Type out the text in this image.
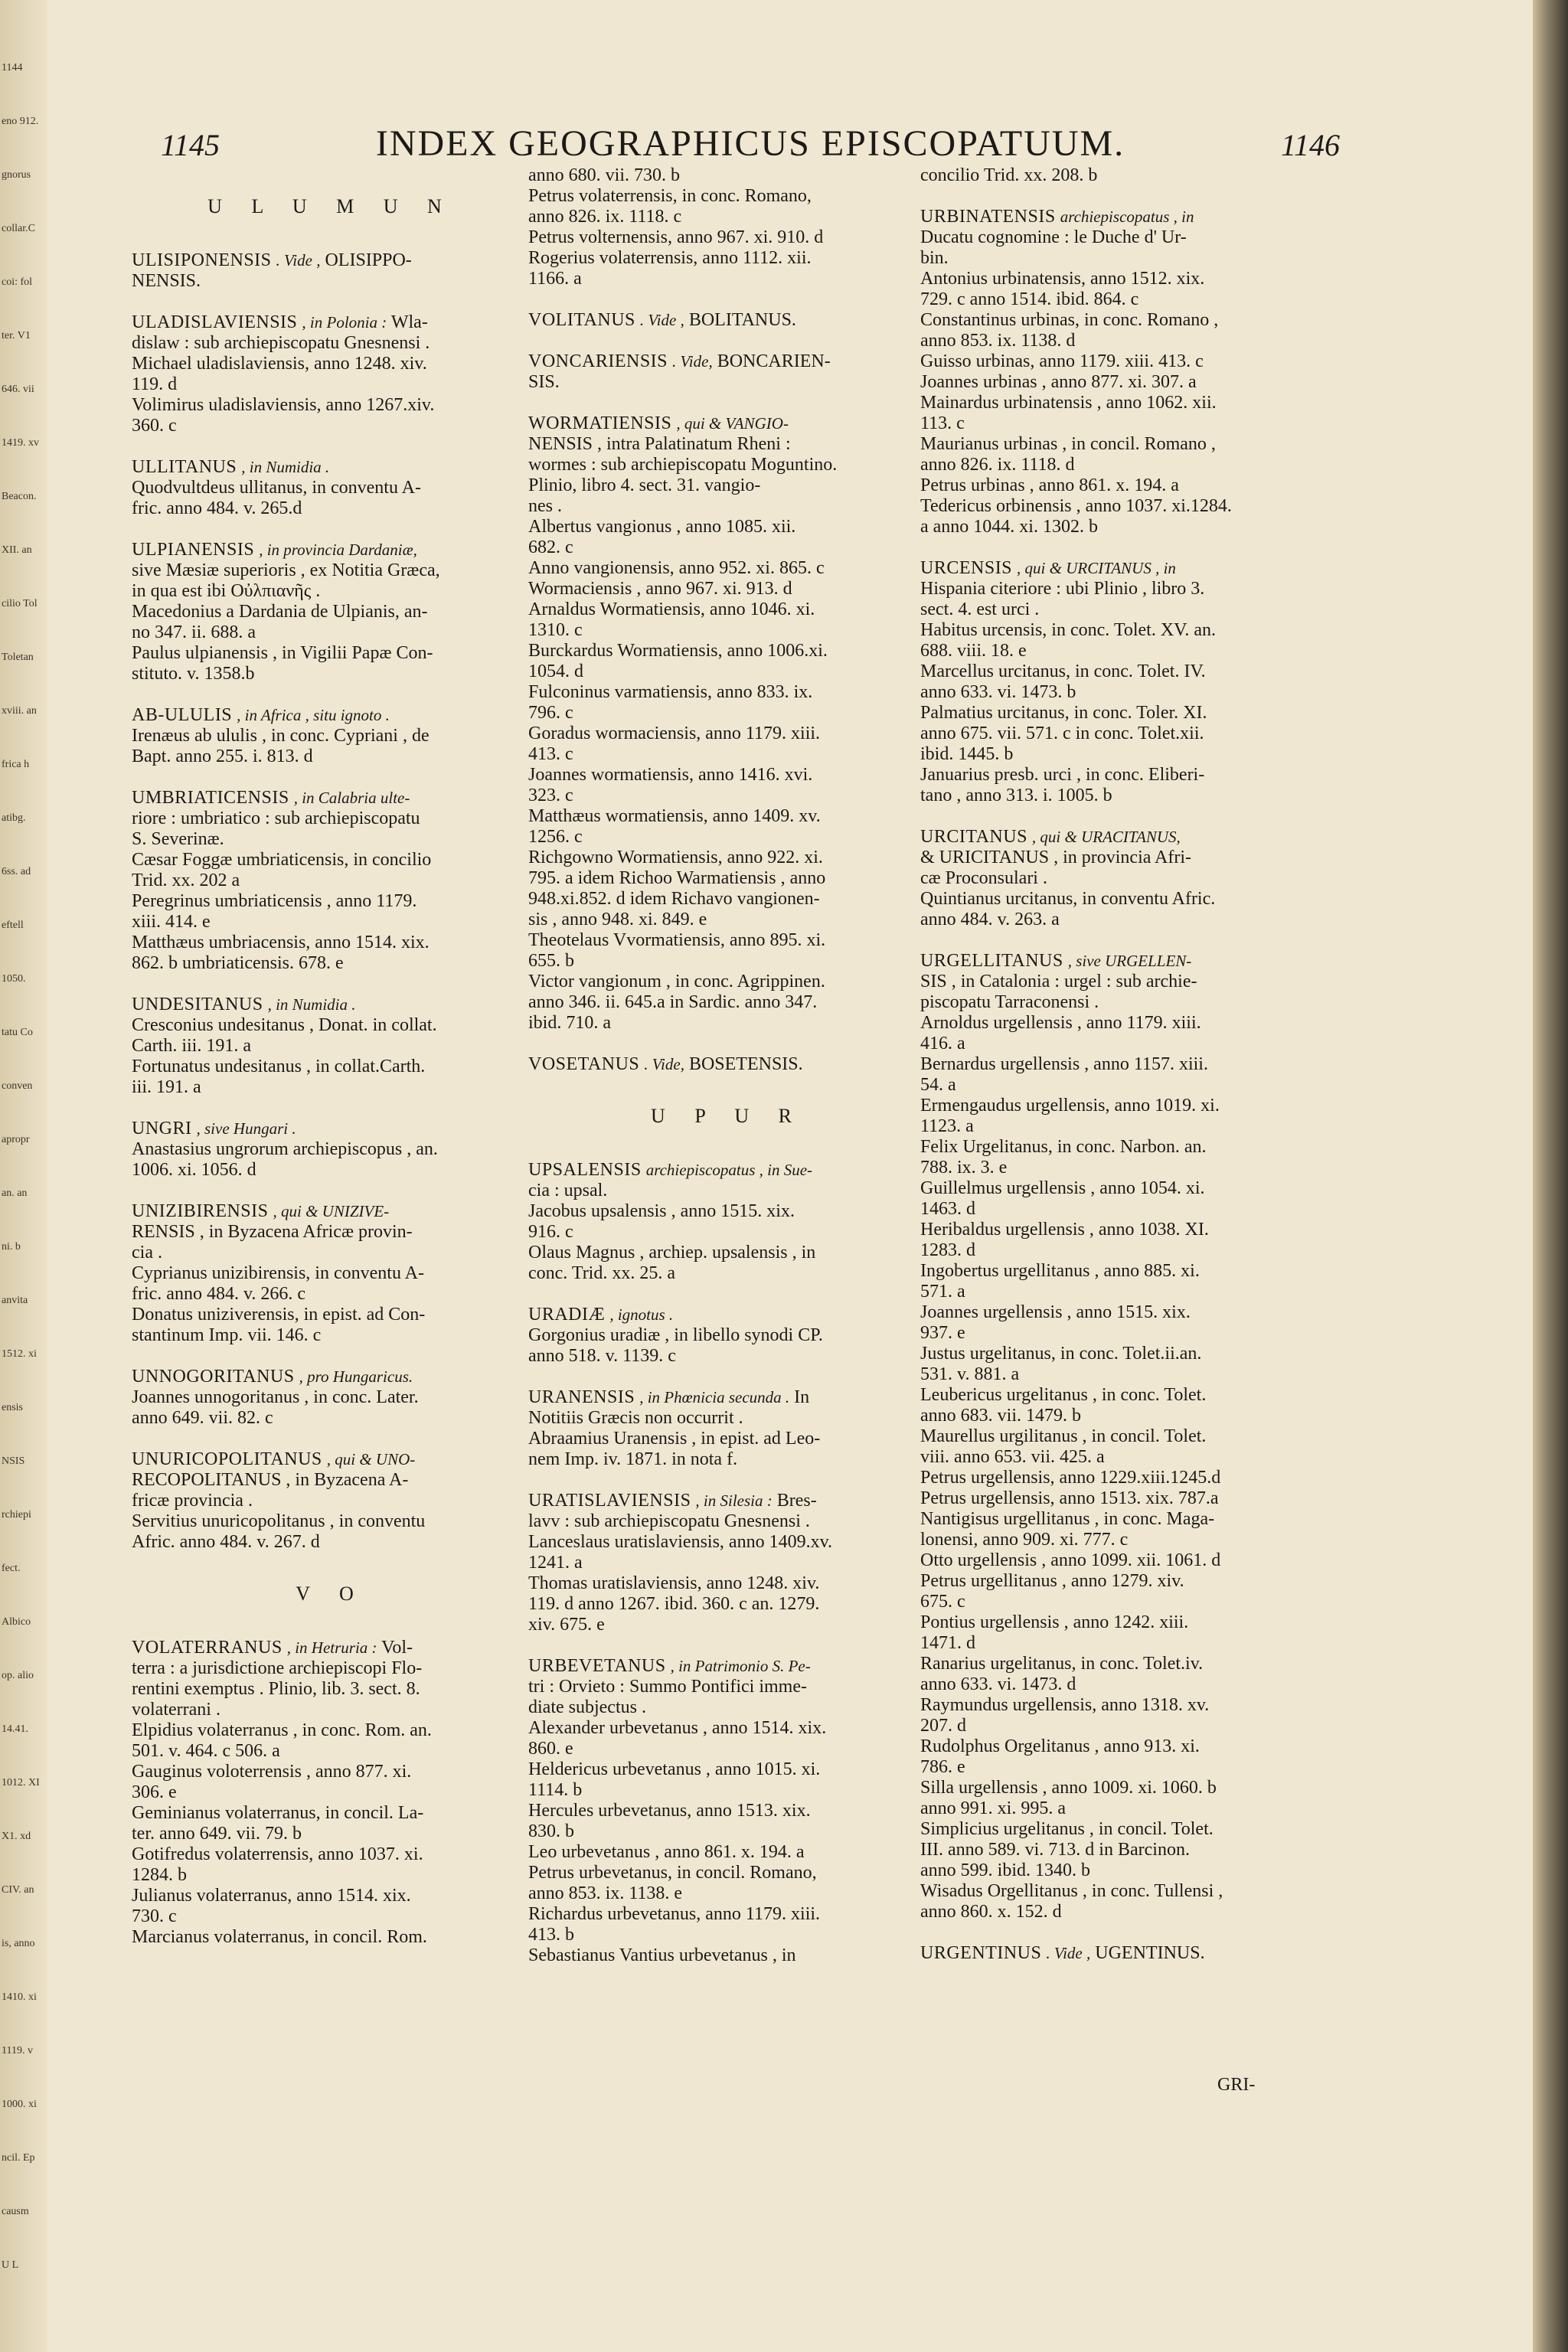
1144
eno 912.
gnorus
collar.C
coi: fol
ter. V1
646. vii
1419. xv
Beacon.
XII. an
cilio Tol
Toletan
xviii. an
frica h
atibg.
6ss. ad
eftell
1050.
tatu Co
conven
apropr
an. an
ni. b
anvita
1512. xi
ensis
NSIS
rchiepi
fect.
Albico
op. alio
14.41.
1012. XI
X1. xd
CIV. an
is, anno
1410. xi
1119. v
1000. xi
ncil. Ep
causm
U L
1145	INDEX GEOGRAPHICUS EPISCOPATUUM.	1146
U L U M U N
ULISIPONENSIS . Vide , OLISIPPO-
NENSIS.
ULADISLAVIENSIS , in Polonia : Wla-
dislaw : sub archiepiscopatu Gnesnensi .
Michael uladislaviensis, anno 1248. xiv.
119. d
Volimirus uladislaviensis, anno 1267.xiv.
360. c
ULLITANUS , in Numidia .
Quodvultdeus ullitanus, in conventu A-
fric. anno 484. v. 265.d
ULPIANENSIS , in provincia Dardaniæ,
sive Mæsiæ superioris , ex Notitia Græca,
in qua est ibi Οὐλπιανῆς .
Macedonius a Dardania de Ulpianis, an-
no 347. ii. 688. a
Paulus ulpianensis , in Vigilii Papæ Con-
stituto. v. 1358.b
AB-ULULIS , in Africa , situ ignoto .
Irenæus ab ululis , in conc. Cypriani , de
Bapt. anno 255. i. 813. d
UMBRIATICENSIS , in Calabria ulte-
riore : umbriatico : sub archiepiscopatu
S. Severinæ.
Cæsar Foggæ umbriaticensis, in concilio
Trid. xx. 202 a
Peregrinus umbriaticensis , anno 1179.
xiii. 414. e
Matthæus umbriacensis, anno 1514. xix.
862. b umbriaticensis. 678. e
UNDESITANUS , in Numidia .
Cresconius undesitanus , Donat. in collat.
Carth. iii. 191. a
Fortunatus undesitanus , in collat.Carth.
iii. 191. a
UNGRI , sive Hungari .
Anastasius ungrorum archiepiscopus , an.
1006. xi. 1056. d
UNIZIBIRENSIS , qui & UNIZIVE-
RENSIS , in Byzacena Africæ provin-
cia .
Cyprianus unizibirensis, in conventu A-
fric. anno 484. v. 266. c
Donatus uniziverensis, in epist. ad Con-
stantinum Imp. vii. 146. c
UNNOGORITANUS , pro Hungaricus.
Joannes unnogoritanus , in conc. Later.
anno 649. vii. 82. c
UNURICOPOLITANUS , qui & UNO-
RECOPOLITANUS , in Byzacena A-
fricæ provincia .
Servitius unuricopolitanus , in conventu
Afric. anno 484. v. 267. d
V O
VOLATERRANUS , in Hetruria : Vol-
terra : a jurisdictione archiepiscopi Flo-
rentini exemptus . Plinio, lib. 3. sect. 8.
volaterrani .
Elpidius volaterranus , in conc. Rom. an.
501. v. 464. c 506. a
Gauginus voloterrensis , anno 877. xi.
306. e
Geminianus volaterranus, in concil. La-
ter. anno 649. vii. 79. b
Gotifredus volaterrensis, anno 1037. xi.
1284. b
Julianus volaterranus, anno 1514. xix.
730. c
Marcianus volaterranus, in concil. Rom.
anno 680. vii. 730. b
Petrus volaterrensis, in conc. Romano,
anno 826. ix. 1118. c
Petrus volternensis, anno 967. xi. 910. d
Rogerius volaterrensis, anno 1112. xii.
1166. a
VOLITANUS . Vide , BOLITANUS.
VONCARIENSIS . Vide, BONCARIEN-
SIS.
WORMATIENSIS , qui & VANGIO-
NENSIS , intra Palatinatum Rheni :
wormes : sub archiepiscopatu Moguntino.
Plinio, libro 4. sect. 31. vangio-
nes .
Albertus vangionus , anno 1085. xii.
682. c
Anno vangionensis, anno 952. xi. 865. c
Wormaciensis , anno 967. xi. 913. d
Arnaldus Wormatiensis, anno 1046. xi.
1310. c
Burckardus Wormatiensis, anno 1006.xi.
1054. d
Fulconinus varmatiensis, anno 833. ix.
796. c
Goradus wormaciensis, anno 1179. xiii.
413. c
Joannes wormatiensis, anno 1416. xvi.
323. c
Matthæus wormatiensis, anno 1409. xv.
1256. c
Richgowno Wormatiensis, anno 922. xi.
795. a idem Richoo Warmatiensis , anno
948.xi.852. d idem Richavo vangionen-
sis , anno 948. xi. 849. e
Theotelaus Vvormatiensis, anno 895. xi.
655. b
Victor vangionum , in conc. Agrippinen.
anno 346. ii. 645.a in Sardic. anno 347.
ibid. 710. a
VOSETANUS . Vide, BOSETENSIS.
U P U R
UPSALENSIS archiepiscopatus , in Sue-
cia : upsal.
Jacobus upsalensis , anno 1515. xix.
916. c
Olaus Magnus , archiep. upsalensis , in
conc. Trid. xx. 25. a
URADIÆ , ignotus .
Gorgonius uradiæ , in libello synodi CP.
anno 518. v. 1139. c
URANENSIS , in Phœnicia secunda . In
Notitiis Græcis non occurrit .
Abraamius Uranensis , in epist. ad Leo-
nem Imp. iv. 1871. in nota f.
URATISLAVIENSIS , in Silesia : Bres-
lavv : sub archiepiscopatu Gnesnensi .
Lanceslaus uratislaviensis, anno 1409.xv.
1241. a
Thomas uratislaviensis, anno 1248. xiv.
119. d anno 1267. ibid. 360. c an. 1279.
xiv. 675. e
URBEVETANUS , in Patrimonio S. Pe-
tri : Orvieto : Summo Pontifici imme-
diate subjectus .
Alexander urbevetanus , anno 1514. xix.
860. e
Heldericus urbevetanus , anno 1015. xi.
1114. b
Hercules urbevetanus, anno 1513. xix.
830. b
Leo urbevetanus , anno 861. x. 194. a
Petrus urbevetanus, in concil. Romano,
anno 853. ix. 1138. e
Richardus urbevetanus, anno 1179. xiii.
413. b
Sebastianus Vantius urbevetanus , in
concilio Trid. xx. 208. b
URBINATENSIS archiepiscopatus , in
Ducatu cognomine : le Duche d' Ur-
bin.
Antonius urbinatensis, anno 1512. xix.
729. c anno 1514. ibid. 864. c
Constantinus urbinas, in conc. Romano ,
anno 853. ix. 1138. d
Guisso urbinas, anno 1179. xiii. 413. c
Joannes urbinas , anno 877. xi. 307. a
Mainardus urbinatensis , anno 1062. xii.
113. c
Maurianus urbinas , in concil. Romano ,
anno 826. ix. 1118. d
Petrus urbinas , anno 861. x. 194. a
Tedericus orbinensis , anno 1037. xi.1284.
a anno 1044. xi. 1302. b
URCENSIS , qui & URCITANUS , in
Hispania citeriore : ubi Plinio , libro 3.
sect. 4. est urci .
Habitus urcensis, in conc. Tolet. XV. an.
688. viii. 18. e
Marcellus urcitanus, in conc. Tolet. IV.
anno 633. vi. 1473. b
Palmatius urcitanus, in conc. Toler. XI.
anno 675. vii. 571. c in conc. Tolet.xii.
ibid. 1445. b
Januarius presb. urci , in conc. Eliberi-
tano , anno 313. i. 1005. b
URCITANUS , qui & URACITANUS,
& URICITANUS , in provincia Afri-
cæ Proconsulari .
Quintianus urcitanus, in conventu Afric.
anno 484. v. 263. a
URGELLITANUS , sive URGELLEN-
SIS , in Catalonia : urgel : sub archie-
piscopatu Tarraconensi .
Arnoldus urgellensis , anno 1179. xiii.
416. a
Bernardus urgellensis , anno 1157. xiii.
54. a
Ermengaudus urgellensis, anno 1019. xi.
1123. a
Felix Urgelitanus, in conc. Narbon. an.
788. ix. 3. e
Guillelmus urgellensis , anno 1054. xi.
1463. d
Heribaldus urgellensis , anno 1038. XI.
1283. d
Ingobertus urgellitanus , anno 885. xi.
571. a
Joannes urgellensis , anno 1515. xix.
937. e
Justus urgelitanus, in conc. Tolet.ii.an.
531. v. 881. a
Leubericus urgelitanus , in conc. Tolet.
anno 683. vii. 1479. b
Maurellus urgilitanus , in concil. Tolet.
viii. anno 653. vii. 425. a
Petrus urgellensis, anno 1229.xiii.1245.d
Petrus urgellensis, anno 1513. xix. 787.a
Nantigisus urgellitanus , in conc. Maga-
lonensi, anno 909. xi. 777. c
Otto urgellensis , anno 1099. xii. 1061. d
Petrus urgellitanus , anno 1279. xiv.
675. c
Pontius urgellensis , anno 1242. xiii.
1471. d
Ranarius urgelitanus, in conc. Tolet.iv.
anno 633. vi. 1473. d
Raymundus urgellensis, anno 1318. xv.
207. d
Rudolphus Orgelitanus , anno 913. xi.
786. e
Silla urgellensis , anno 1009. xi. 1060. b
anno 991. xi. 995. a
Simplicius urgelitanus , in concil. Tolet.
III. anno 589. vi. 713. d in Barcinon.
anno 599. ibid. 1340. b
Wisadus Orgellitanus , in conc. Tullensi ,
anno 860. x. 152. d
URGENTINUS . Vide , UGENTINUS.
GRI-
